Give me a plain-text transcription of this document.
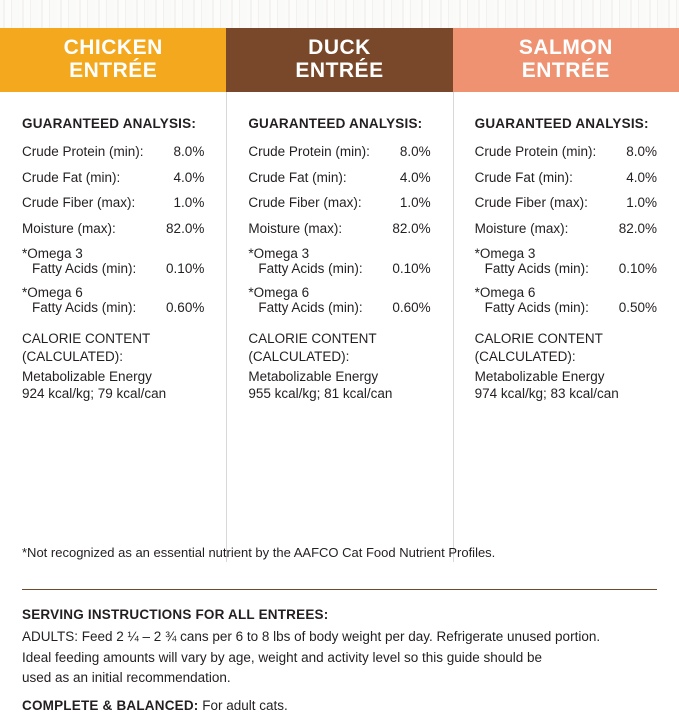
CHICKEN
ENTRÉE
GUARANTEED ANALYSIS:
Crude Protein (min): 8.0%
Crude Fat (min):	4.0%
Crude Fiber (max):	1.0%
Moisture (max):	82.0%
*Omega 3
Fatty Acids (min): 0.10%
*Omega 6
Fatty Acids (min): 0.60%
CALORIE CONTENT
(CALCULATED):
Metabolizable Energy
924 kcal/kg; 79 kcal/can
DUCK
ENTRÉE
GUARANTEED ANALYSIS:
Crude Protein (min): 8.0%
Crude Fat (min):	4.0%
Crude Fiber (max):	1.0%
Moisture (max):	82.0%
*Omega 3
Fatty Acids (min): 0.10%
*Omega 6
Fatty Acids (min): 0.60%
CALORIE CONTENT
(CALCULATED):
Metabolizable Energy
955 kcal/kg; 81 kcal/can
SALMON
ENTRÉE
GUARANTEED ANALYSIS:
Crude Protein (min): 8.0%
Crude Fat (min):	4.0%
Crude Fiber (max):	1.0%
Moisture (max):	82.0%
*Omega 3
Fatty Acids (min): 0.10%
*Omega 6
Fatty Acids (min): 0.50%
CALORIE CONTENT
(CALCULATED):
Metabolizable Energy
974 kcal/kg; 83 kcal/can
*Not recognized as an essential nutrient by the AAFCO Cat Food Nutrient Profiles.
SERVING INSTRUCTIONS FOR ALL ENTREES:

ADULTS: Feed 2 ¼ – 2 ¾ cans per 6 to 8 lbs of body weight per day. Refrigerate unused portion.

Ideal feeding amounts will vary by age, weight and activity level so this guide should be

used as an initial recommendation.

COMPLETE & BALANCED: For adult cats.
